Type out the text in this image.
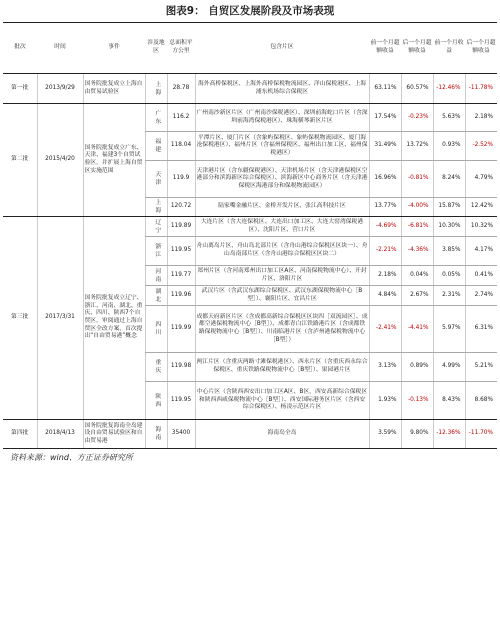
图表9： 自贸区发展阶段及市场表现
批次	时间	事件	涉及地区	总面积平方公里	包含片区	前一个月超额收益	后一个月超额收益	前一个月收益	后一个月超额收益
第一批	2013/9/29	国务院批复成立上海自由贸易试验区	上海	28.78	海外高桥保税区、上海外高桥保税物流园区、洋山保税港区、上海浦东机场综合保税区	63.11%	60.57%	-12.46%	-11.78%
第二批	2015/4/20	国务院批复成立广东、天津、福建3个自贸试验区，并扩展上海自贸区实施范围	广东	116.2	广州南沙新区片区（广州南沙保税港区）、深圳前海蛇口片区（含深圳前海湾保税港区）、珠海横琴新区片区	17.54%	-0.23%	5.63%	2.18%

			福建	118.04	平潭片区、厦门片区（含象屿保税区、象屿保税物流园区、厦门海沧保税港区）、福州片区（含福州保税区、福州出口加工区、福州保税港区）	31.49%	13.72%	0.93%	-2.52%

			天津	119.9	天津港片区（含东疆保税港区）、天津机场片区（含天津港保税区空港部分和滨海新区综合保税区）、滨海新区中心商务片区（含天津港保税区海港部分和保税物流园区）	16.96%	-0.81%	8.24%	4.79%

			上海	120.72	陆家嘴金融片区、金桥开发片区、张江高科技片区	13.77%	-4.00%	15.87%	12.42%
第三批	2017/3/31	国务院批复成立辽宁、浙江、河南、湖北、重庆、四川、陕西7个自贸区，审阅通过上海自贸区全改方案，首次提出“自由贸易港”概念	辽宁	119.89	大连片区（含大连保税区、大连出口加工区、大连大窑湾保税港区）、沈阳片区、营口片区	-4.69%	-6.81%	10.30%	10.32%

			浙江	119.95	舟山离岛片区、舟山岛北部片区（含舟山港综合保税区区块一）、舟山岛南部片区（含舟山港综合保税区区块二）	-2.21%	-4.36%	3.85%	4.17%

			河南	119.77	郑州片区（含河南郑州出口加工区A区、河南保税物流中心）、开封片区、洛阳片区	2.18%	0.04%	0.05%	0.41%

			湖北	119.96	武汉片区（含武汉东湖综合保税区、武汉东湖保税物流中心［B型］）、襄阳片区、宜昌片区	4.84%	2.67%	2.31%	2.74%

			四川	119.99	成都天府新区片区（含成都高新综合保税区区块四［双流园区］、成都空港保税物流中心［B型］）、成都青白江铁路港片区（含成都铁路保税物流中心［B型］）、川南临港片区（含泸州港保税物流中心［B型］）	-2.41%	-4.41%	5.97%	6.31%

			重庆	119.98	两江片区（含重庆两路寸滩保税港区）、西永片区（含重庆西永综合保税区、重庆铁路保税物流中心［B型］）、果园港片区	3.13%	0.89%	4.99%	5.21%

			陕西	119.95	中心片区（含陕西西安出口加工区A区、B区，西安高新综合保税区和陕西西咸保税物流中心［B型］）、西安国际港务区片区（含西安综合保税区）、杨凌示范区片区	1.93%	-0.13%	8.43%	8.68%
第四批	2018/4/13	国务院批复海南全岛建设自由贸易试验区和自由贸易港	海南	35400	海南岛全岛	3.59%	9.80%	-12.36%	-11.70%
资料来源：wind、方正证券研究所
